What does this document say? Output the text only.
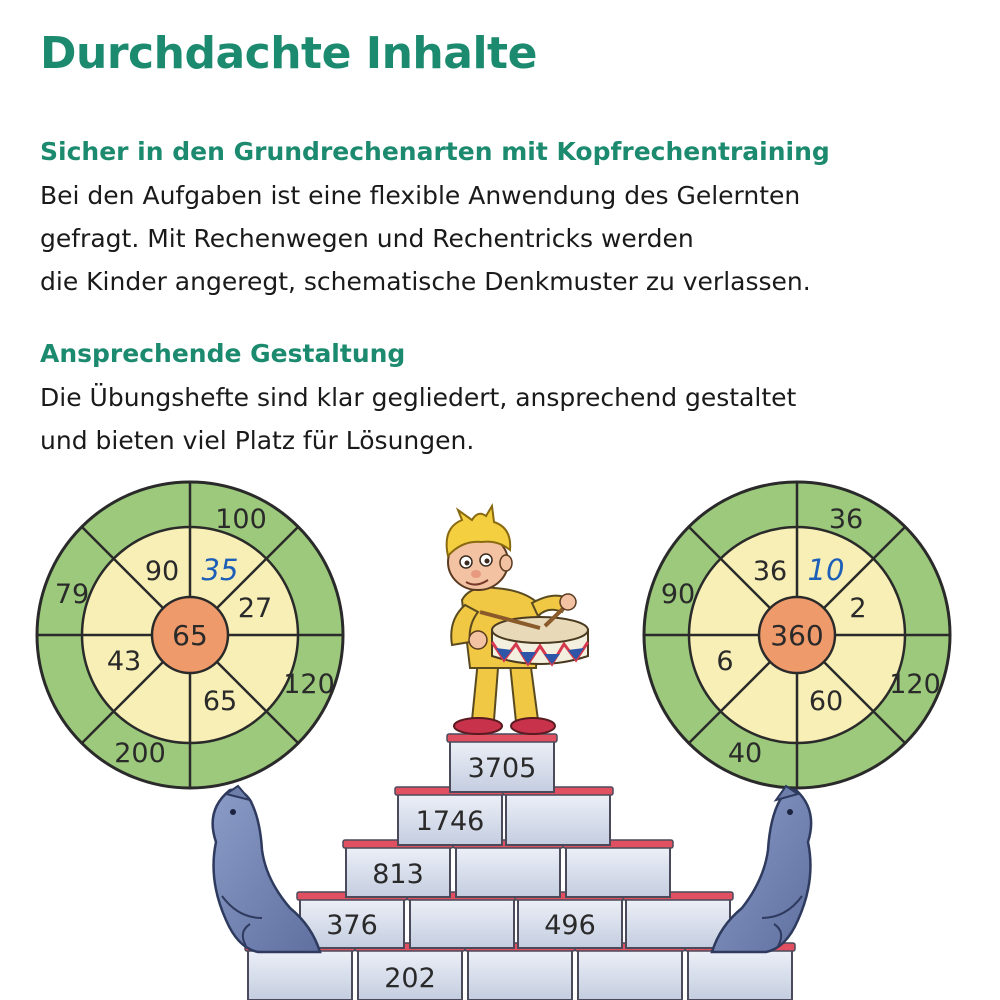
Durchdachte Inhalte
Sicher in den Grundrechenarten mit Kopfrechentraining
Bei den Aufgaben ist eine flexible Anwendung des Gelernten
gefragt. Mit Rechenwegen und Rechentricks werden
die Kinder angeregt, schematische Denkmuster zu verlassen.
Ansprechende Gestaltung
Die Übungshefte sind klar gegliedert, ansprechend gestaltet
und bieten viel Platz für Lösungen.
65
90 35
27
65
43
100
79
120
200
360
36 10
2
60
6
36
90
120
40
3705
1746
813
376	496
202
